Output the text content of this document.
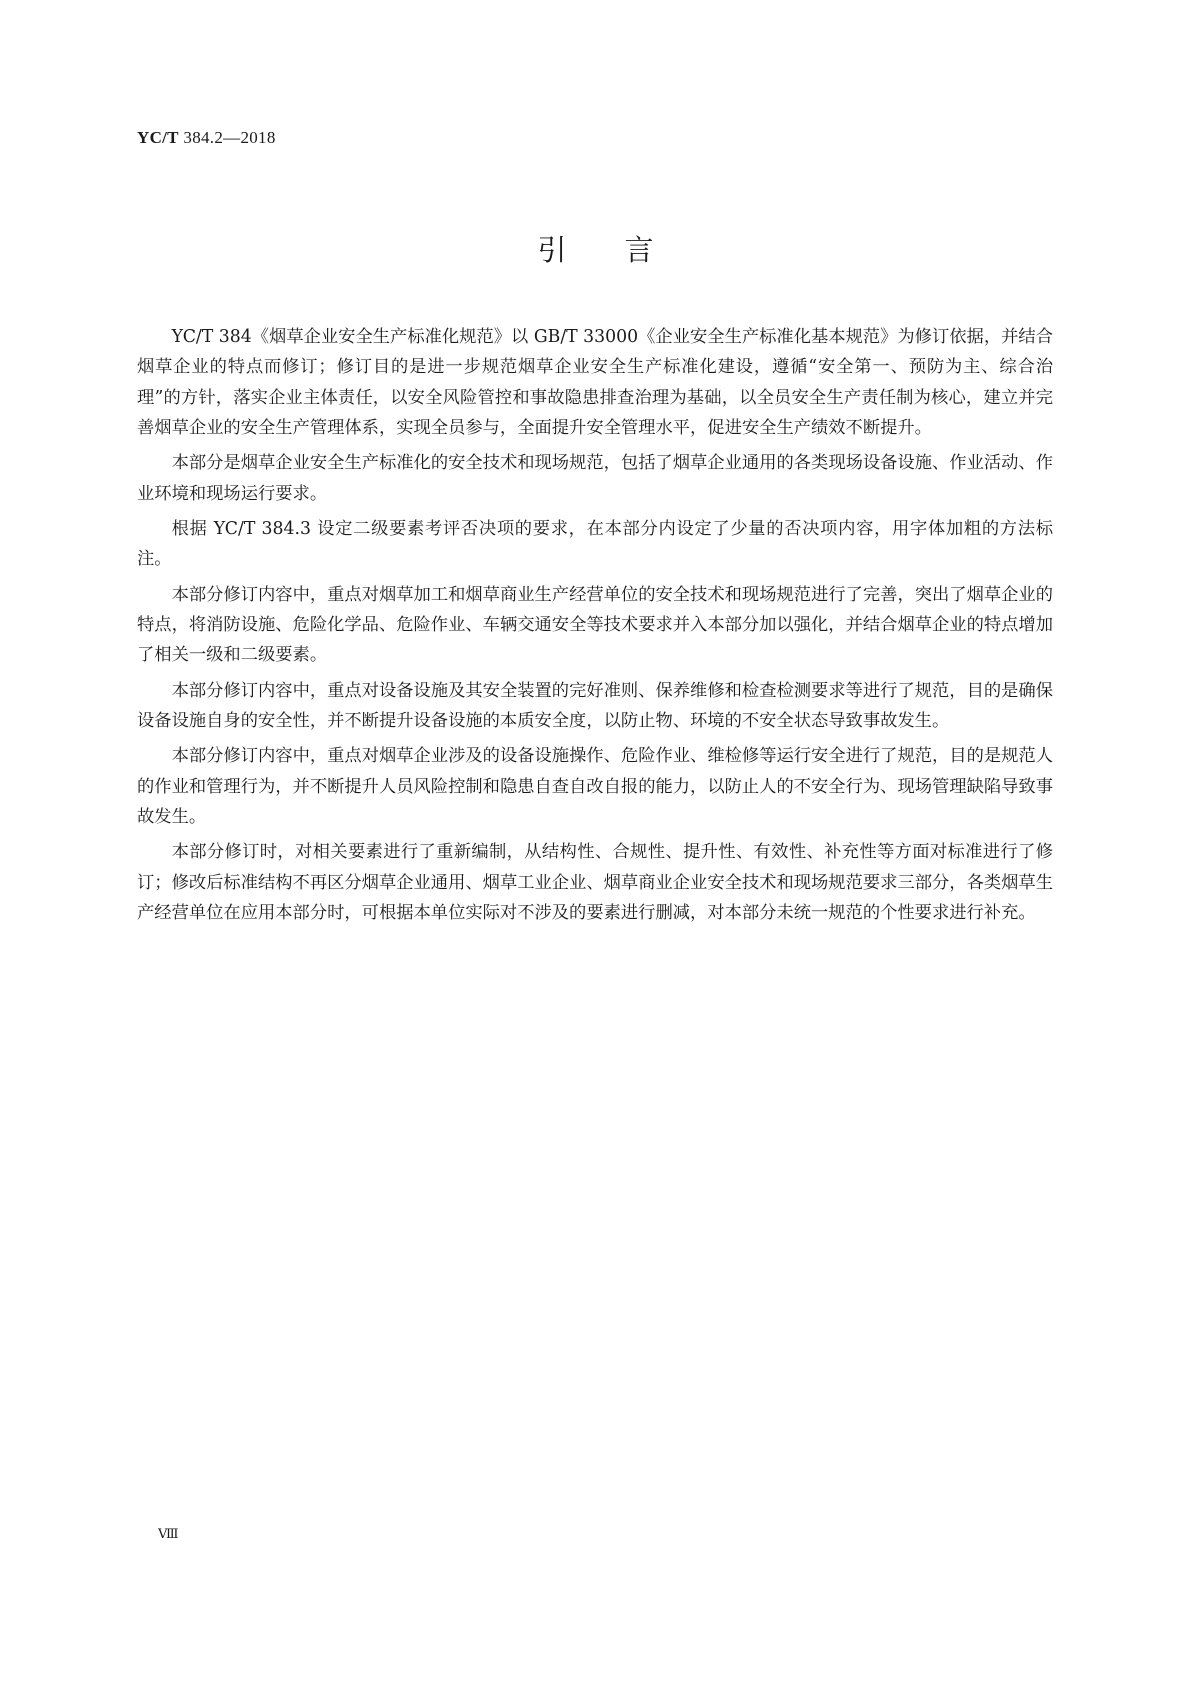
YC/T 384.2—2018
引言

YC/T 384《烟草企业安全生产标准化规范》以 GB/T 33000《企业安全生产标准化基本规范》为修订依据，并结合烟草企业的特点而修订；修订目的是进一步规范烟草企业安全生产标准化建设，遵循“安全第一、预防为主、综合治理”的方针，落实企业主体责任，以安全风险管控和事故隐患排查治理为基础，以全员安全生产责任制为核心，建立并完善烟草企业的安全生产管理体系，实现全员参与，全面提升安全管理水平，促进安全生产绩效不断提升。

本部分是烟草企业安全生产标准化的安全技术和现场规范，包括了烟草企业通用的各类现场设备设施、作业活动、作业环境和现场运行要求。

根据 YC/T 384.3 设定二级要素考评否决项的要求，在本部分内设定了少量的否决项内容，用字体加粗的方法标注。

本部分修订内容中，重点对烟草加工和烟草商业生产经营单位的安全技术和现场规范进行了完善，突出了烟草企业的特点，将消防设施、危险化学品、危险作业、车辆交通安全等技术要求并入本部分加以强化，并结合烟草企业的特点增加了相关一级和二级要素。

本部分修订内容中，重点对设备设施及其安全装置的完好准则、保养维修和检查检测要求等进行了规范，目的是确保设备设施自身的安全性，并不断提升设备设施的本质安全度，以防止物、环境的不安全状态导致事故发生。

本部分修订内容中，重点对烟草企业涉及的设备设施操作、危险作业、维检修等运行安全进行了规范，目的是规范人的作业和管理行为，并不断提升人员风险控制和隐患自查自改自报的能力，以防止人的不安全行为、现场管理缺陷导致事故发生。

本部分修订时，对相关要素进行了重新编制，从结构性、合规性、提升性、有效性、补充性等方面对标准进行了修订；修改后标准结构不再区分烟草企业通用、烟草工业企业、烟草商业企业安全技术和现场规范要求三部分，各类烟草生产经营单位在应用本部分时，可根据本单位实际对不涉及的要素进行删减，对本部分未统一规范的个性要求进行补充。

Ⅷ
